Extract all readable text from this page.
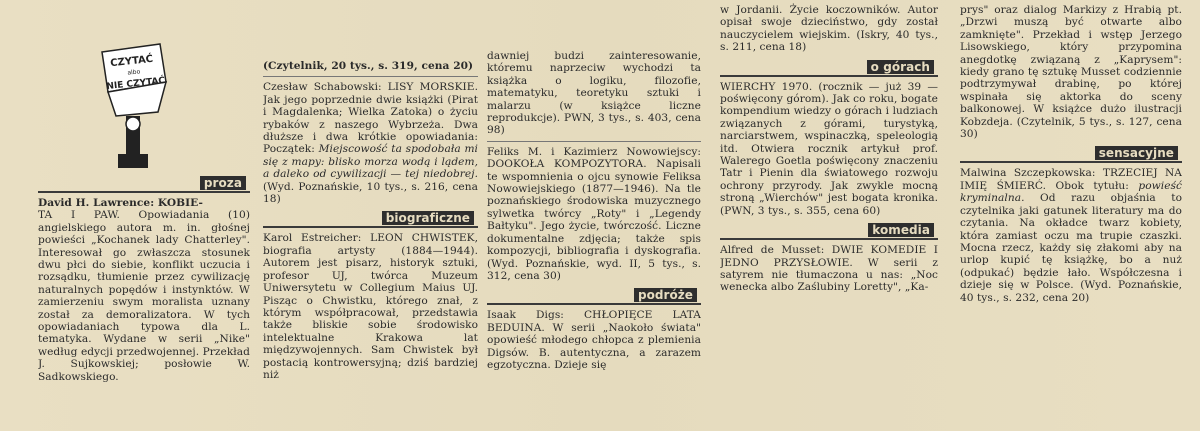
CZYTAĆ
albo
NIE CZYTAĆ
proza

David H. Lawrence: KOBIE-
TA I PAW. Opowiadania (10) angielskiego autora m. in. głośnej powieści „Kochanek lady Chatterley". Interesował go zwłaszcza stosunek dwu płci do siebie, konflikt uczucia i rozsądku, tłumienie przez cywilizację naturalnych popędów i instynktów. W zamierzeniu swym moralista uznany został za demoralizatora. W tych opowiadaniach typowa dla L. tematyka. Wydane w serii „Nike" według edycji przedwojennej. Przekład J. Sujkowskiej; posłowie W. Sadkowskiego.

(Czytelnik, 20 tys., s. 319, cena 20)

Czesław Schabowski: LISY MORSKIE. Jak jego poprzednie dwie książki (Pirat i Magdalenka; Wielka Zatoka) o życiu rybaków z naszego Wybrzeża. Dwa dłuższe i dwa krótkie opowiadania: Początek: Miejscowość ta spodobała mi się z mapy: blisko morza wodą i lądem, a daleko od cywilizacji — tej niedobrej. (Wyd. Poznańskie, 10 tys., s. 216, cena 18)

biograficzne

Karol Estreicher: LEON CHWISTEK, biografia artysty (1884—1944). Autorem jest pisarz, historyk sztuki, profesor UJ, twórca Muzeum Uniwersytetu w Collegium Maius UJ. Pisząc o Chwistku, którego znał, z którym współpracował, przedstawia także bliskie sobie środowisko intelektualne Krakowa lat międzywojennych. Sam Chwistek był postacią kontrowersyjną; dziś bardziej niż

dawniej budzi zainteresowanie, któremu naprzeciw wychodzi ta książka o logiku, filozofie, matematyku, teoretyku sztuki i malarzu (w książce liczne reprodukcje). PWN, 3 tys., s. 403, cena 98)

Feliks M. i Kazimierz Nowowiejscy: DOOKOŁA KOMPOZYTORA. Napisali te wspomnienia o ojcu synowie Feliksa Nowowiejskiego (1877—1946). Na tle poznańskiego środowiska muzycznego sylwetka twórcy „Roty" i „Legendy Bałtyku". Jego życie, twórczość. Liczne dokumentalne zdjęcia; także spis kompozycji, bibliografia i dyskografia. (Wyd. Poznańskie, wyd. II, 5 tys., s. 312, cena 30)

podróże

Isaak Digs: CHŁOPIĘCE LATA BEDUINA. W serii „Naokoło świata" opowieść młodego chłopca z plemienia Digsów. B. autentyczna, a zarazem egzotyczna. Dzieje się

w Jordanii. Życie koczowników. Autor opisał swoje dzieciństwo, gdy został nauczycielem wiejskim. (Iskry, 40 tys., s. 211, cena 18)

o górach

WIERCHY 1970. (rocznik — już 39 — poświęcony górom). Jak co roku, bogate kompendium wiedzy o górach i ludziach związanych z górami, turystyką, narciarstwem, wspinaczką, speleologią itd. Otwiera rocznik artykuł prof. Walerego Goetla poświęcony znaczeniu Tatr i Pienin dla światowego rozwoju ochrony przyrody. Jak zwykle mocną stroną „Wierchów" jest bogata kronika. (PWN, 3 tys., s. 355, cena 60)

komedia

Alfred de Musset: DWIE KOMEDIE I JEDNO PRZYSŁOWIE. W serii z satyrem nie tłumaczona u nas: „Noc wenecka albo Zaślubiny Loretty", „Ka-

prys" oraz dialog Markizy z Hrabią pt. „Drzwi muszą być otwarte albo zamknięte". Przekład i wstęp Jerzego Lisowskiego, który przypomina anegdotkę związaną z „Kaprysem": kiedy grano tę sztukę Musset codziennie podtrzymywał drabinę, po której wspinała się aktorka do sceny balkonowej. W książce dużo ilustracji Kobzdeja. (Czytelnik, 5 tys., s. 127, cena 30)

sensacyjne

Malwina Szczepkowska: TRZECIEJ NA IMIĘ ŚMIERĆ. Obok tytułu: powieść kryminalna. Od razu objaśnia to czytelnika jaki gatunek literatury ma do czytania. Na okładce twarz kobiety, która zamiast oczu ma trupie czaszki. Mocna rzecz, każdy się złakomi aby na urlop kupić tę książkę, bo a nuż (odpukać) będzie łało. Współczesna i dzieje się w Polsce. (Wyd. Poznańskie, 40 tys., s. 232, cena 20)
